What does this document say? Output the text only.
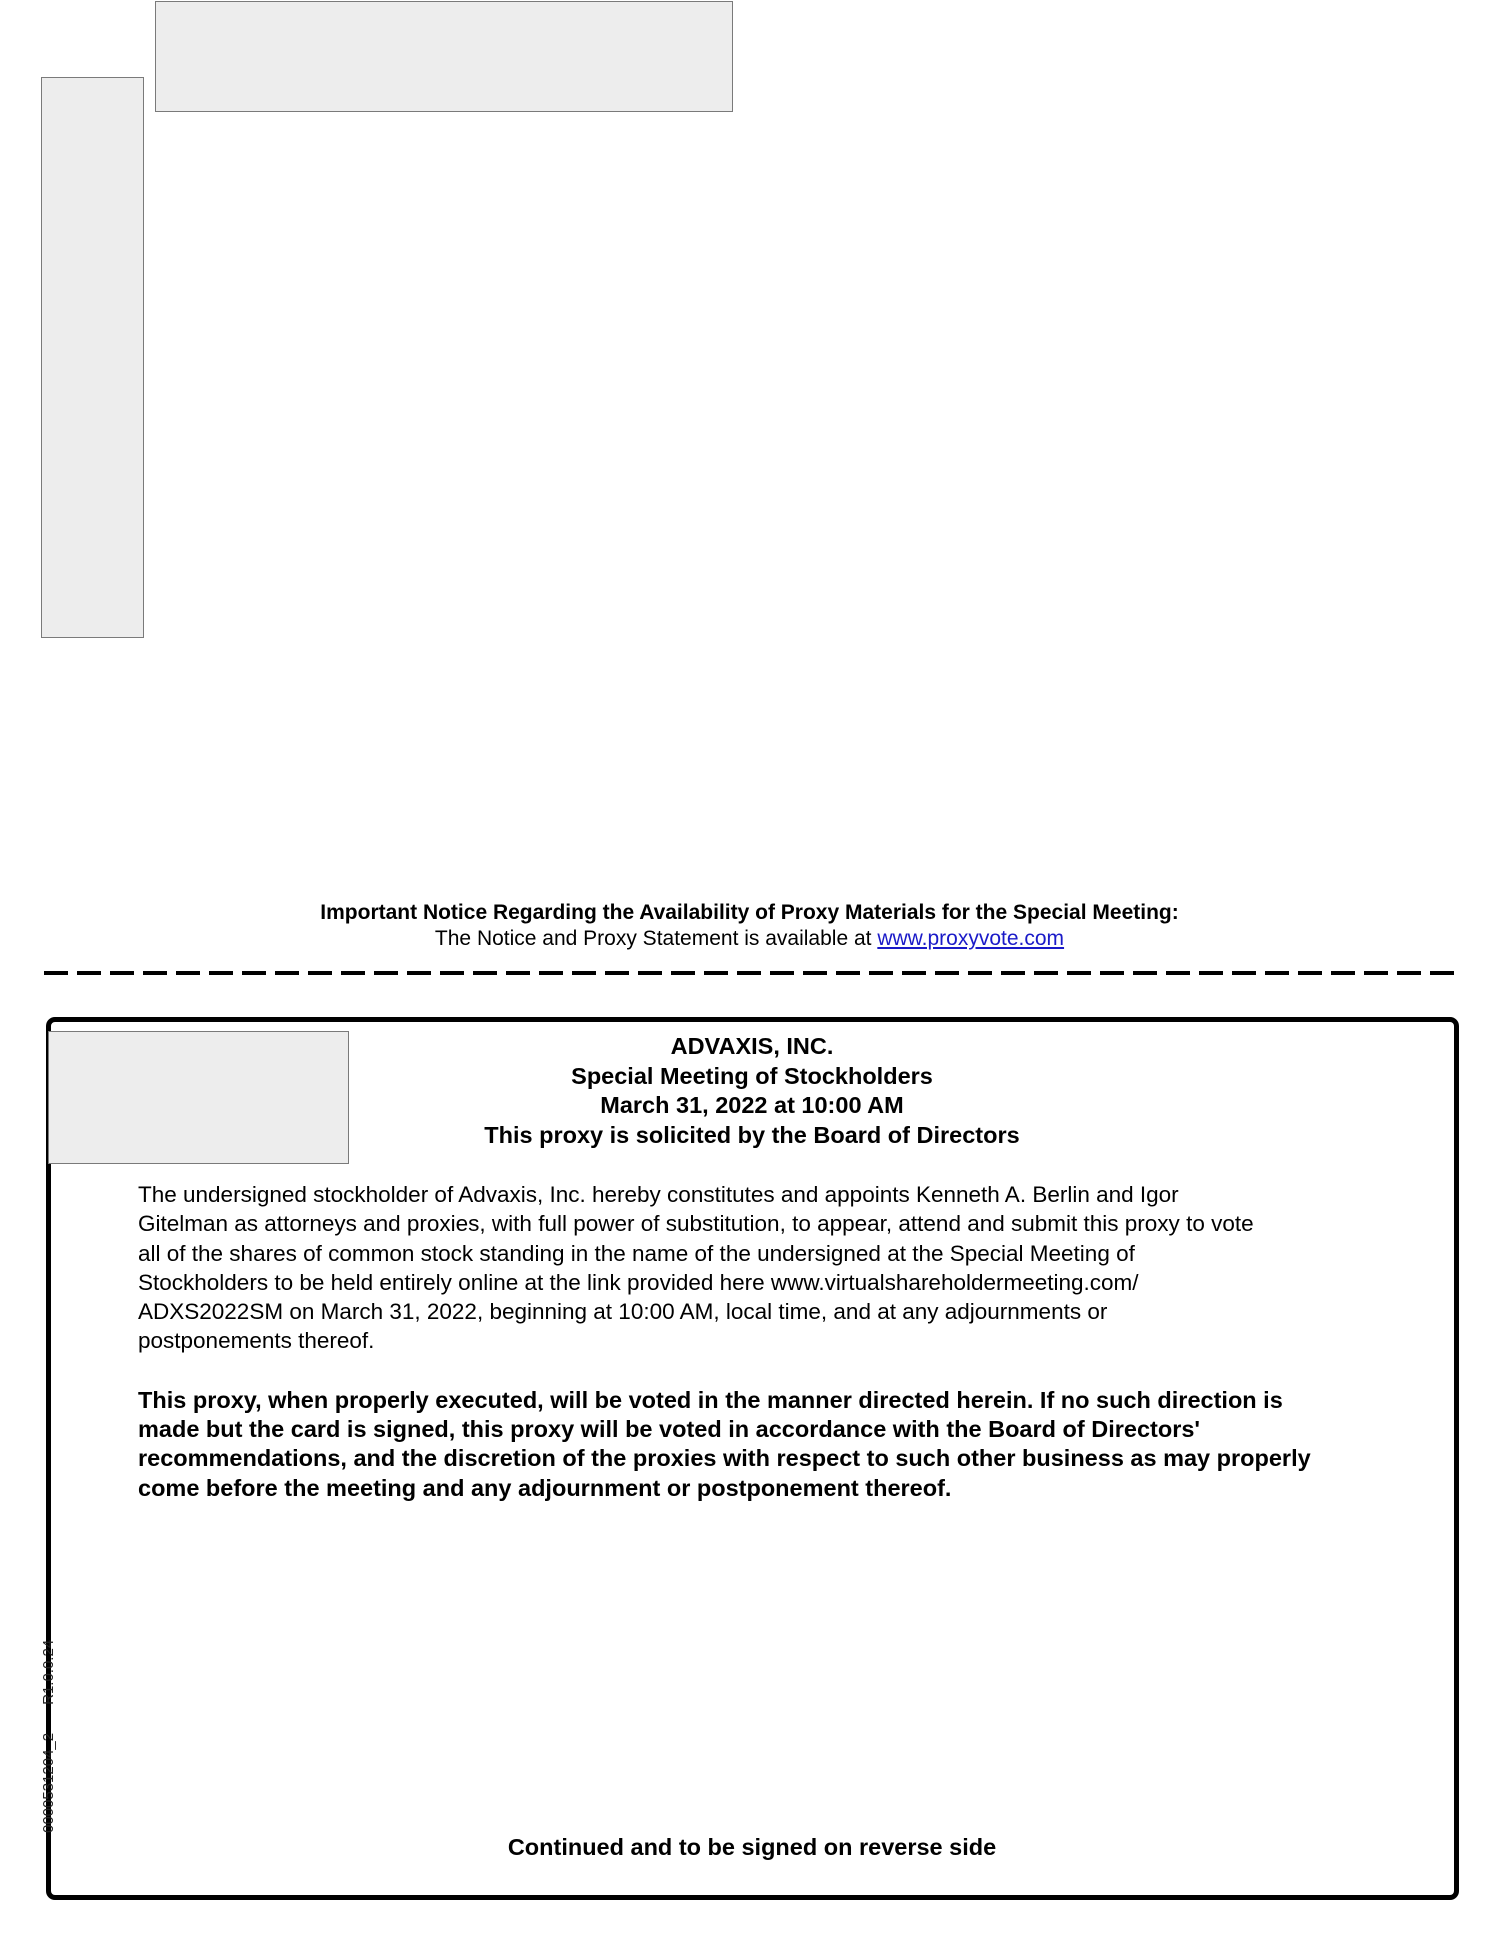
Important Notice Regarding the Availability of Proxy Materials for the Special Meeting:
The Notice and Proxy Statement is available at www.proxyvote.com
ADVAXIS, INC.
Special Meeting of Stockholders
March 31, 2022 at 10:00 AM
This proxy is solicited by the Board of Directors

The undersigned stockholder of Advaxis, Inc. hereby constitutes and appoints Kenneth A. Berlin and Igor
Gitelman as attorneys and proxies, with full power of substitution, to appear, attend and submit this proxy to vote
all of the shares of common stock standing in the name of the undersigned at the Special Meeting of
Stockholders to be held entirely online at the link provided here www.virtualshareholdermeeting.com/
ADXS2022SM on March 31, 2022, beginning at 10:00 AM, local time, and at any adjournments or
postponements thereof.

This proxy, when properly executed, will be voted in the manner directed herein. If no such direction is
made but the card is signed, this proxy will be voted in accordance with the Board of Directors'
recommendations, and the discretion of the proxies with respect to such other business as may properly
come before the meeting and any adjournment or postponement thereof.

Continued and to be signed on reverse side
0000531204_2R1.0.0.24
